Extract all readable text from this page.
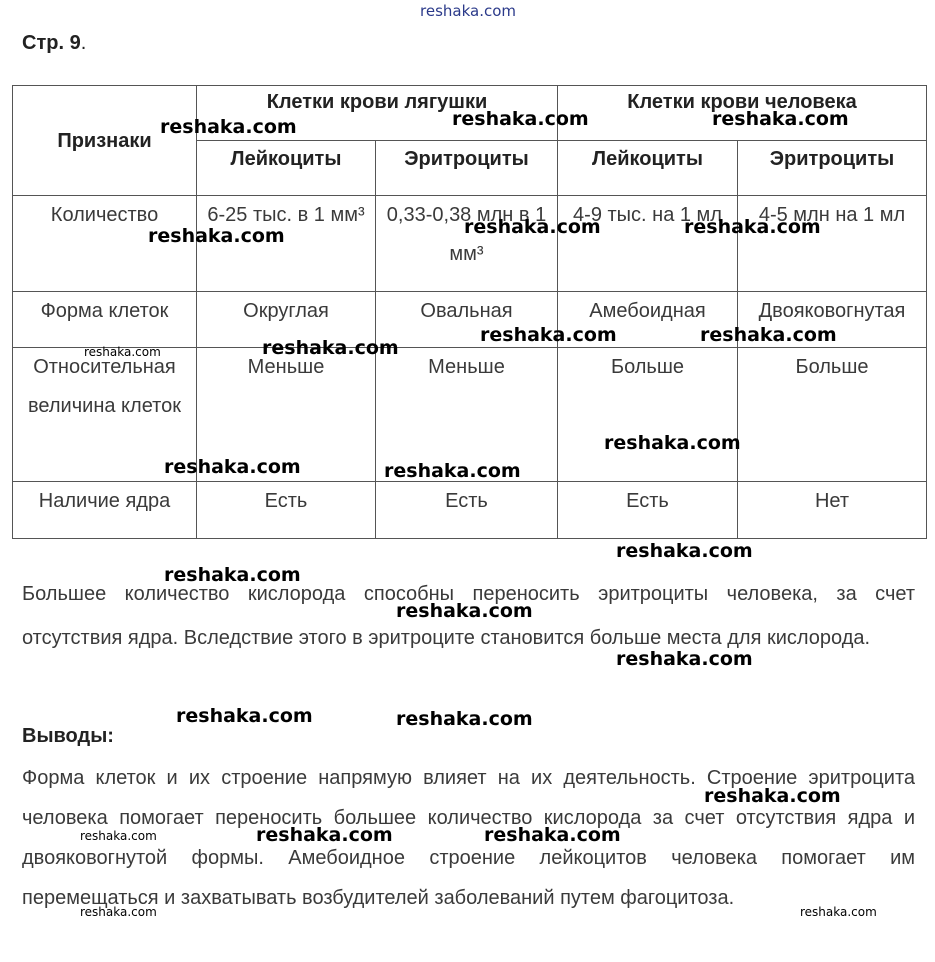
reshaka.com
Стр. 9.
Признаки	Клетки крови лягушки		Клетки крови человека	
	Лейкоциты	Эритроциты	Лейкоциты	Эритроциты
Количество	6-25 тыс. в 1 мм³	0,33-0,38 млн в 1 мм³	4-9 тыс. на 1 мл	4-5 млн на 1 мл
Форма клеток	Округлая	Овальная	Амебоидная	Двояковогнутая
Относительная величина клеток	Меньше	Меньше	Больше	Больше
Наличие ядра	Есть	Есть	Есть	Нет
Большее количество кислорода способны переносить эритроциты человека, за счет отсутствия ядра. Вследствие этого в эритроците становится больше места для кислорода.
Выводы:
Форма клеток и их строение напрямую влияет на их деятельность. Строение эритроцита человека помогает переносить большее количество кислорода за счет отсутствия ядра и двояковогнутой формы. Амебоидное строение лейкоцитов человека помогает им перемещаться и захватывать возбудителей заболеваний путем фагоцитоза.
reshaka.com	reshaka.com	reshaka.com
reshaka.com	reshaka.com	reshaka.com
reshaka.com	reshaka.com
reshaka.com	reshaka.com
reshaka.com
reshaka.com	reshaka.com
reshaka.com
reshaka.com
reshaka.com
reshaka.com
reshaka.com	reshaka.com
reshaka.com
reshaka.com	reshaka.com	reshaka.com
reshaka.com	reshaka.com
